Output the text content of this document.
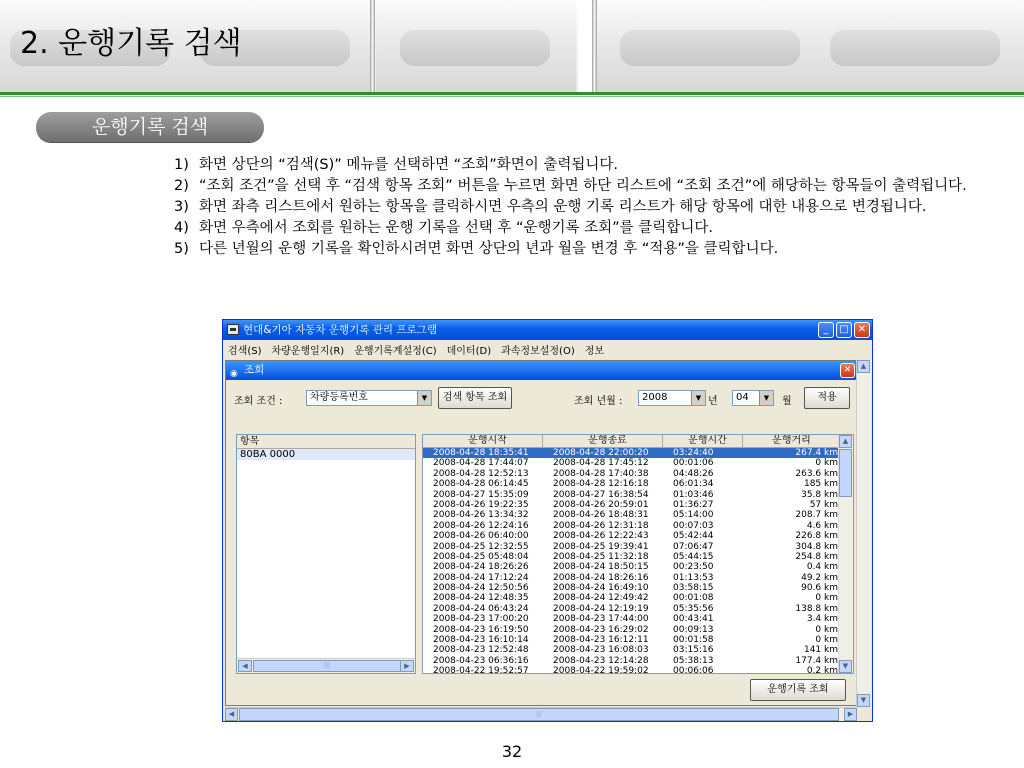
2. 운행기록 검색
운행기록 검색
1) 화면 상단의 “검색(S)” 메뉴를 선택하면 “조회”화면이 출력됩니다.
2) “조회 조건”을 선택 후 “검색 항목 조회” 버튼을 누르면 화면 하단 리스트에 “조회 조건”에 해당하는 항목들이 출력됩니다.
3) 화면 좌측 리스트에서 원하는 항목을 클릭하시면 우측의 운행 기록 리스트가 해당 항목에 대한 내용으로 변경됩니다.
4) 화면 우측에서 조회를 원하는 운행 기록을 선택 후 “운행기록 조회”를 클릭합니다.
5) 다른 년월의 운행 기록을 확인하시려면 화면 상단의 년과 월을 변경 후 “적용”을 클릭합니다.
현대&기아 자동차 운행기록 관리 프로그램	_	□ ✕
검색(S) 차량운행일지(R) 운행기록계설정(C) 데이터(D) 과속정보설정(O) 정보
◉ 조회	✕
조회 조건 :	차량등록번호	▼	검색 항목 조회	조회 년월 :	2008	▼ 년	04	▼	월	적용
항목
80BA 0000
◀	|||	▶
운행시작	운행종료	운행시간	운행거리
2008-04-28 18:35:41	2008-04-28 22:00:20	03:24:40	267.4 km
2008-04-28 17:44:07	2008-04-28 17:45:12	00:01:06	0 km
2008-04-28 12:52:13	2008-04-28 17:40:38	04:48:26	263.6 km
2008-04-28 06:14:45	2008-04-28 12:16:18	06:01:34	185 km
2008-04-27 15:35:09	2008-04-27 16:38:54	01:03:46	35.8 km
2008-04-26 19:22:35	2008-04-26 20:59:01	01:36:27	57 km
2008-04-26 13:34:32	2008-04-26 18:48:31	05:14:00	208.7 km
2008-04-26 12:24:16	2008-04-26 12:31:18	00:07:03	4.6 km
2008-04-26 06:40:00	2008-04-26 12:22:43	05:42:44	226.8 km
2008-04-25 12:32:55	2008-04-25 19:39:41	07:06:47	304.8 km
2008-04-25 05:48:04	2008-04-25 11:32:18	05:44:15	254.8 km
2008-04-24 18:26:26	2008-04-24 18:50:15	00:23:50	0.4 km
2008-04-24 17:12:24	2008-04-24 18:26:16	01:13:53	49.2 km
2008-04-24 12:50:56	2008-04-24 16:49:10	03:58:15	90.6 km
2008-04-24 12:48:35	2008-04-24 12:49:42	00:01:08	0 km
2008-04-24 06:43:24	2008-04-24 12:19:19	05:35:56	138.8 km
2008-04-23 17:00:20	2008-04-23 17:44:00	00:43:41	3.4 km
2008-04-23 16:19:50	2008-04-23 16:29:02	00:09:13	0 km
2008-04-23 16:10:14	2008-04-23 16:12:11	00:01:58	0 km
2008-04-23 12:52:48	2008-04-23 16:08:03	03:15:16	141 km
2008-04-23 06:36:16	2008-04-23 12:14:28	05:38:13	177.4 km
2008-04-22 19:52:57	2008-04-22 19:59:02	00:06:06	0.2 km
▲
▼
운행기록 조회
▲
▼
◀	|||	▶
32
